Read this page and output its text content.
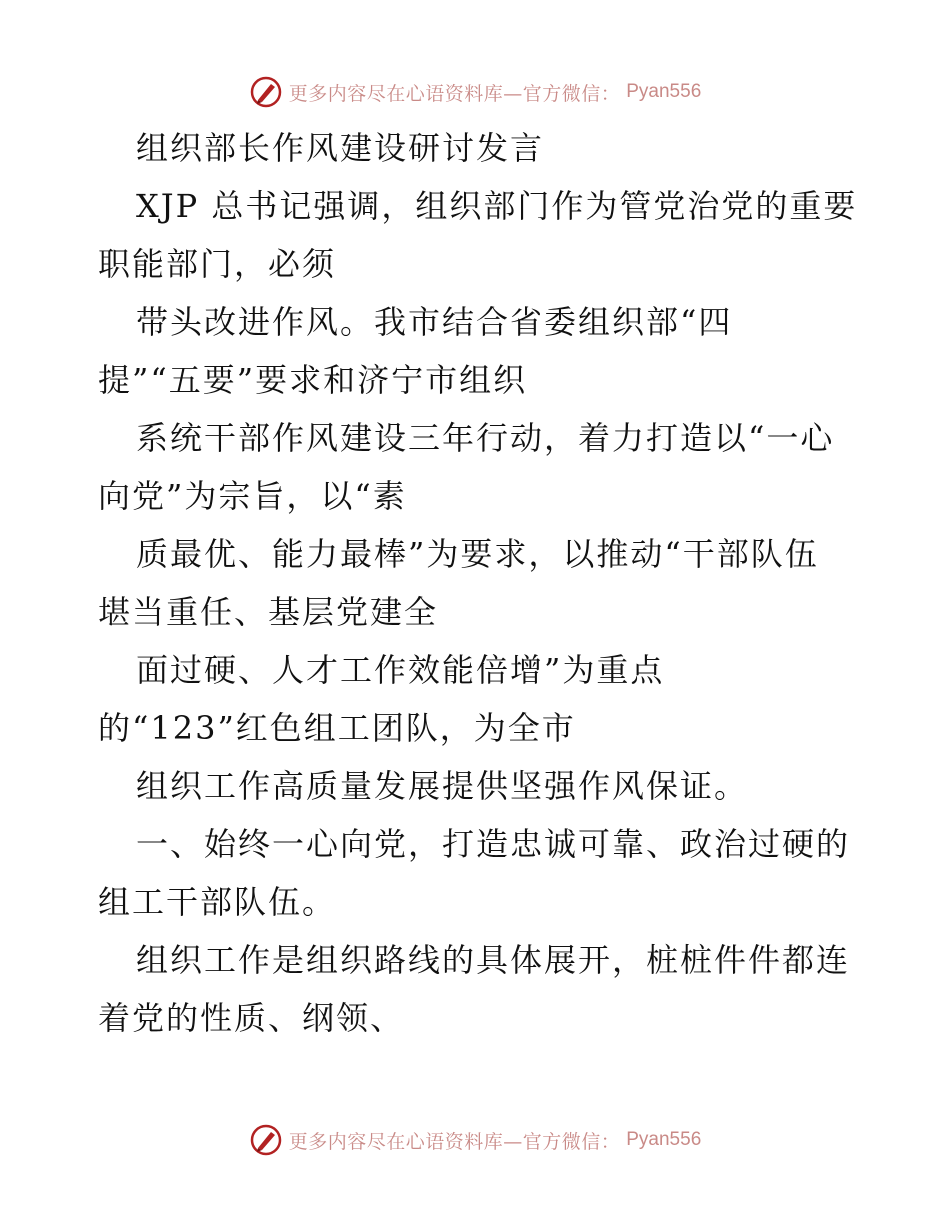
更多内容尽在心语资料库—官方微信： Pyan556

组织部长作风建设研讨发言

XJP 总书记强调，组织部门作为管党治党的重要

职能部门，必须

带头改进作风。我市结合省委组织部“四

提”“五要”要求和济宁市组织

系统干部作风建设三年行动，着力打造以“一心

向党”为宗旨，以“素

质最优、能力最棒”为要求，以推动“干部队伍

堪当重任、基层党建全

面过硬、人才工作效能倍增”为重点

的“123”红色组工团队，为全市

组织工作高质量发展提供坚强作风保证。

一、始终一心向党，打造忠诚可靠、政治过硬的

组工干部队伍。

组织工作是组织路线的具体展开，桩桩件件都连

着党的性质、纲领、

更多内容尽在心语资料库—官方微信： Pyan556
